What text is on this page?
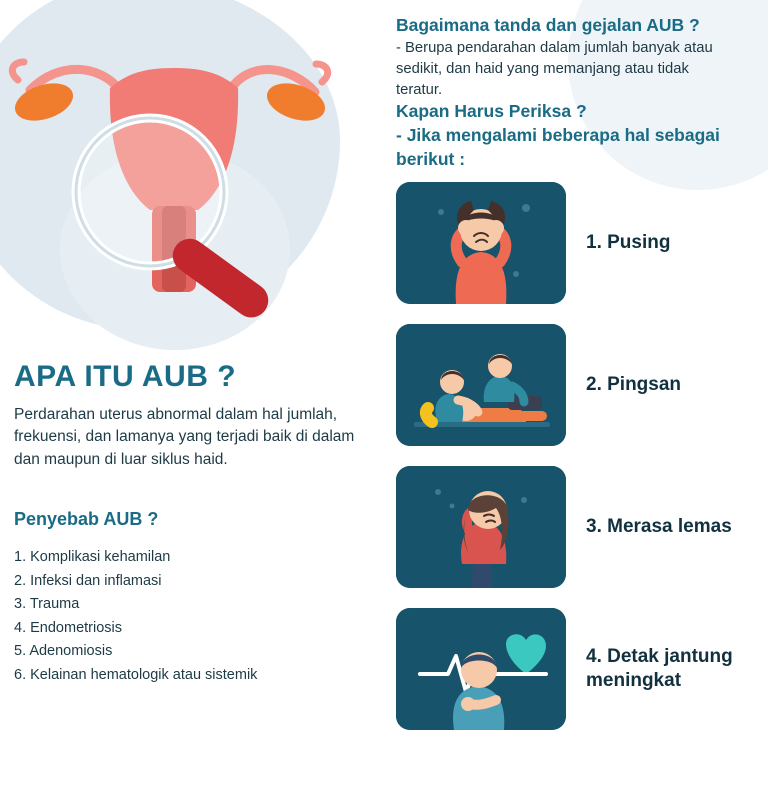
APA ITU AUB ?

Perdarahan uterus abnormal dalam hal jumlah, frekuensi, dan lamanya yang terjadi baik di dalam dan maupun di luar siklus haid.

Penyebab AUB ?
1. Komplikasi kehamilan
2. Infeksi dan inflamasi
3. Trauma
4. Endometriosis
5. Adenomiosis
6. Kelainan hematologik atau sistemik
Bagaimana tanda dan gejalan AUB ?

- Berupa pendarahan dalam jumlah banyak atau sedikit, dan haid yang memanjang atau tidak teratur.

Kapan Harus Periksa ?

- Jika mengalami beberapa hal sebagai berikut :

1. Pusing
2. Pingsan
3. Merasa lemas
4. Detak jantung meningkat
